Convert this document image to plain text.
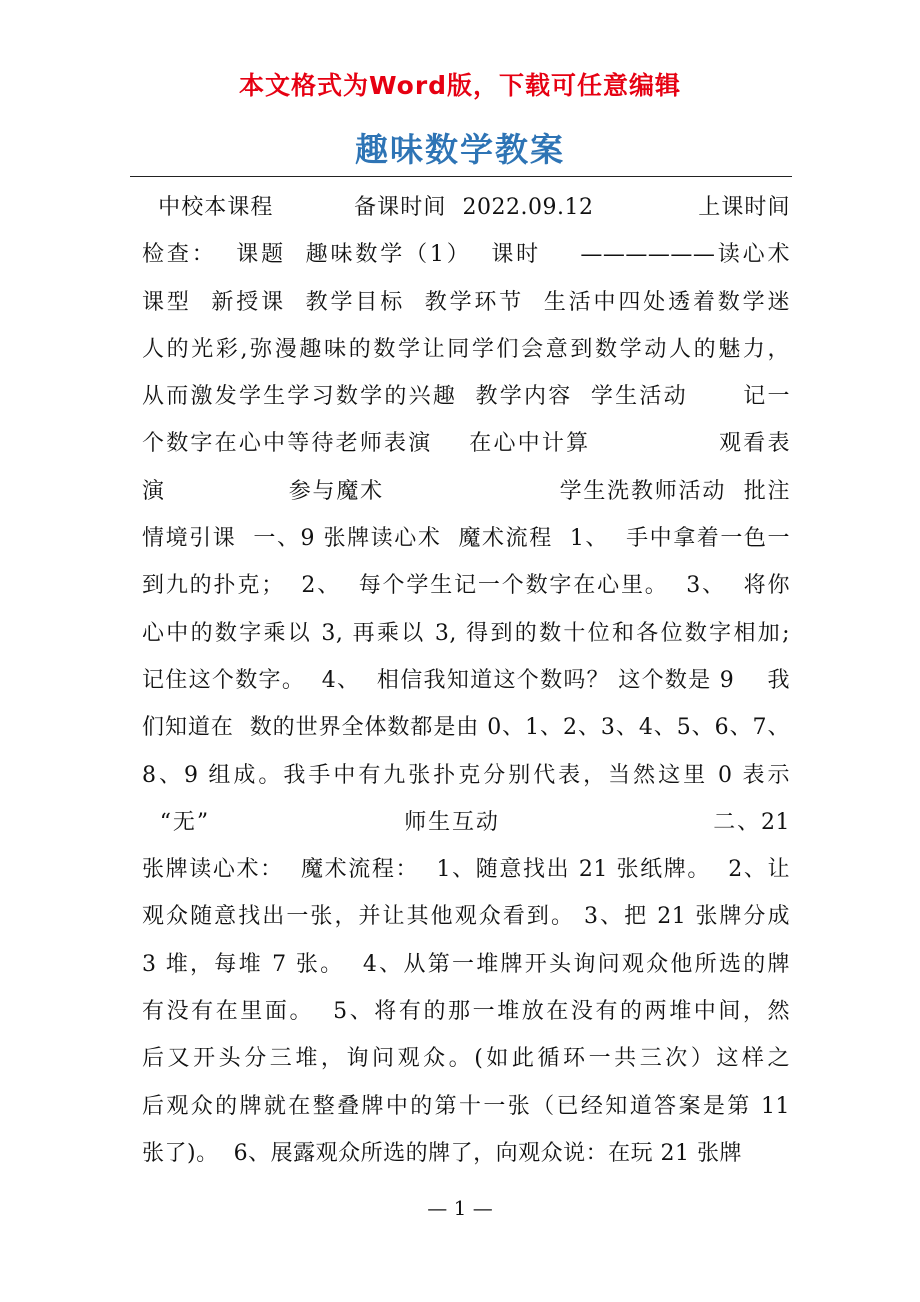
本文格式为Word版，下载可任意编辑
趣味数学教案
中校本课程          备课时间  2022.09.12             上课时间
检查：  课题  趣味数学（1）  课时    ——————读心术
课型  新授课  教学目标  教学环节  生活中四处透着数学迷
人的光彩,弥漫趣味的数学让同学们会意到数学动人的魅力，
从而激发学生学习数学的兴趣  教学内容  学生活动      记一
个数字在心中等待老师表演    在心中计算              观看表
演              参与魔术                    学生洗教师活动  批注
情境引课  一、9 张牌读心术  魔术流程  1、  手中拿着一色一
到九的扑克；  2、  每个学生记一个数字在心里。  3、  将你
心中的数字乘以 3, 再乘以 3, 得到的数十位和各位数字相加;
记住这个数字。  4、  相信我知道这个数吗？ 这个数是 9    我
们知道在  数的世界全体数都是由 0、1、2、3、4、5、6、7、
8、9 组成。我手中有九张扑克分别代表，当然这里 0 表示
“无”                      师生互动                        二、21
张牌读心术：  魔术流程：  1、随意找出 21 张纸牌。  2、让
观众随意找出一张，并让其他观众看到。 3、把 21 张牌分成
3 堆，每堆 7 张。  4、从第一堆牌开头询问观众他所选的牌
有没有在里面。  5、将有的那一堆放在没有的两堆中间，然
后又开头分三堆，询问观众。(如此循环一共三次）这样之
后观众的牌就在整叠牌中的第十一张（已经知道答案是第 11
张了)。  6、展露观众所选的牌了，向观众说：在玩 21 张牌
— 1 —
